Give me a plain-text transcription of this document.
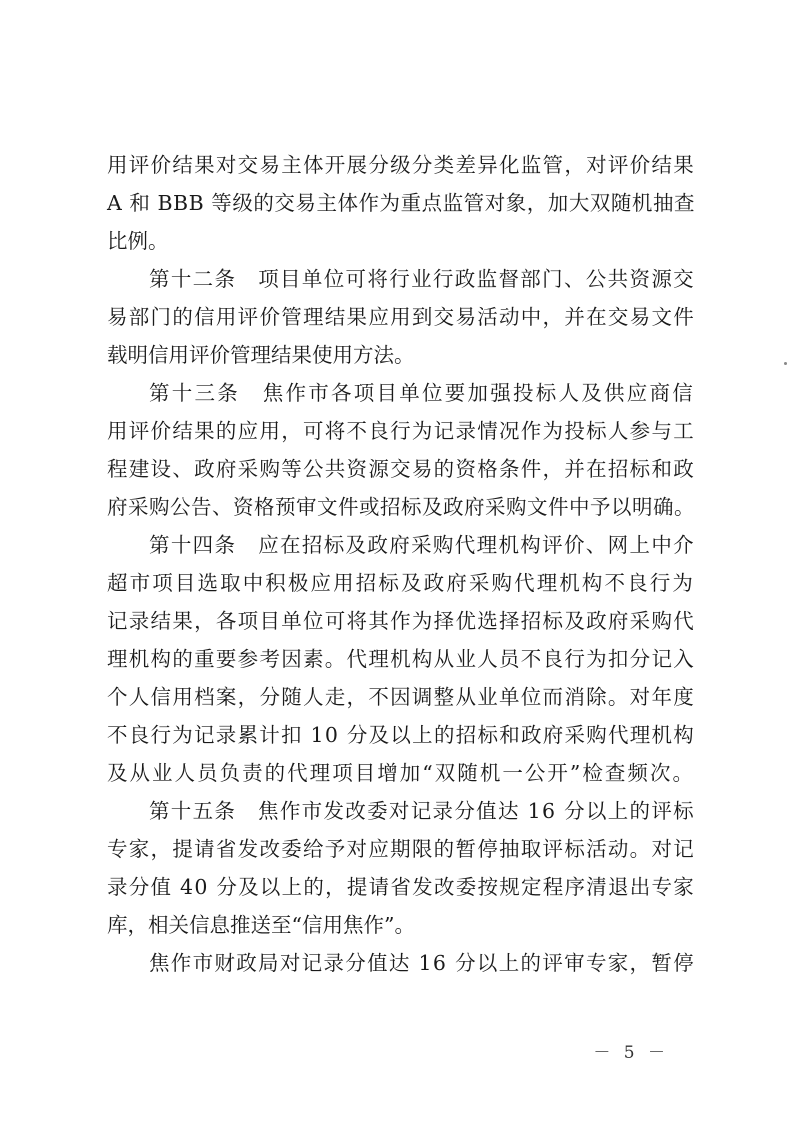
用评价结果对交易主体开展分级分类差异化监管，对评价结果
A 和 BBB 等级的交易主体作为重点监管对象，加大双随机抽查
比例。
第十二条　项目单位可将行业行政监督部门、公共资源交
易部门的信用评价管理结果应用到交易活动中，并在交易文件
载明信用评价管理结果使用方法。
第十三条　焦作市各项目单位要加强投标人及供应商信
用评价结果的应用，可将不良行为记录情况作为投标人参与工
程建设、政府采购等公共资源交易的资格条件，并在招标和政
府采购公告、资格预审文件或招标及政府采购文件中予以明确。
第十四条　应在招标及政府采购代理机构评价、网上中介
超市项目选取中积极应用招标及政府采购代理机构不良行为
记录结果，各项目单位可将其作为择优选择招标及政府采购代
理机构的重要参考因素。代理机构从业人员不良行为扣分记入
个人信用档案，分随人走，不因调整从业单位而消除。对年度
不良行为记录累计扣 10 分及以上的招标和政府采购代理机构
及从业人员负责的代理项目增加“双随机一公开”检查频次。
第十五条　焦作市发改委对记录分值达 16 分以上的评标
专家，提请省发改委给予对应期限的暂停抽取评标活动。对记
录分值 40 分及以上的，提请省发改委按规定程序清退出专家
库，相关信息推送至“信用焦作”。
焦作市财政局对记录分值达 16 分以上的评审专家，暂停
－ 5 －
